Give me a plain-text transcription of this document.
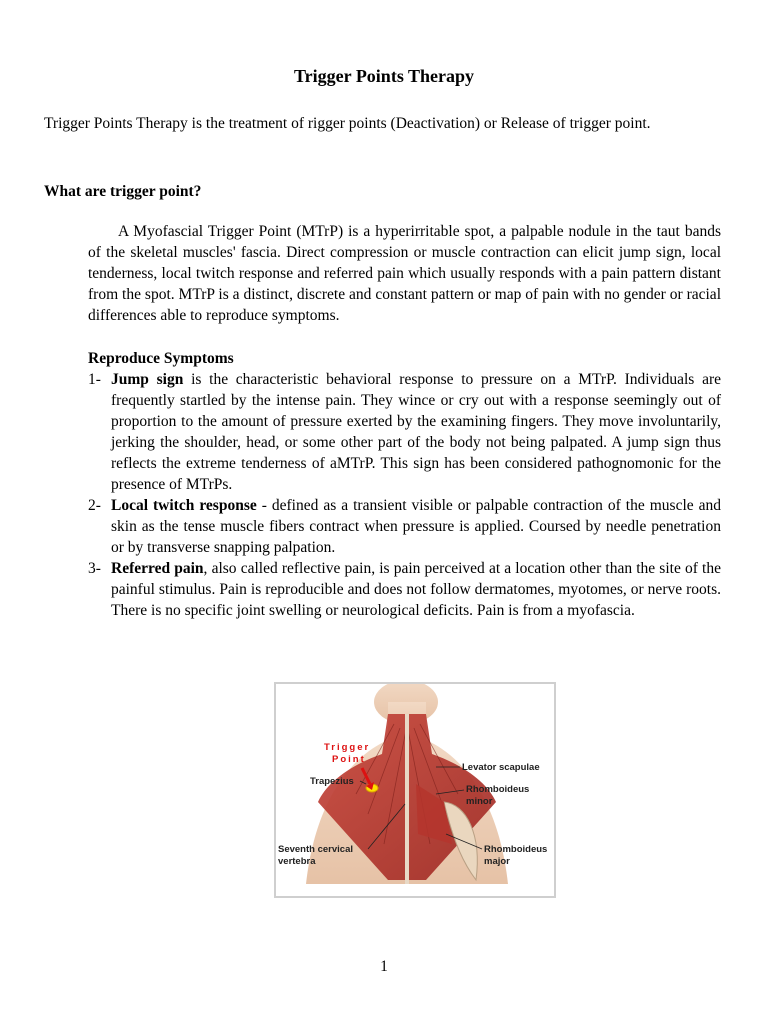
Trigger Points Therapy
Trigger Points Therapy is the treatment of rigger points (Deactivation) or Release of trigger point.
What are trigger point?
A Myofascial Trigger Point (MTrP) is a hyperirritable spot, a palpable nodule in the taut bands of the skeletal muscles' fascia. Direct compression or muscle contraction can elicit jump sign, local tenderness, local twitch response and referred pain which usually responds with a pain pattern distant from the spot. MTrP is a distinct, discrete and constant pattern or map of pain with no gender or racial differences able to reproduce symptoms.
Reproduce Symptoms
1- Jump sign is the characteristic behavioral response to pressure on a MTrP. Individuals are frequently startled by the intense pain. They wince or cry out with a response seemingly out of proportion to the amount of pressure exerted by the examining fingers. They move involuntarily, jerking the shoulder, head, or some other part of the body not being palpated. A jump sign thus reflects the extreme tenderness of aMTrP. This sign has been considered pathognomonic for the presence of MTrPs.
2- Local twitch response - defined as a transient visible or palpable contraction of the muscle and skin as the tense muscle fibers contract when pressure is applied. Coursed by needle penetration or by transverse snapping palpation.
3- Referred pain, also called reflective pain, is pain perceived at a location other than the site of the painful stimulus. Pain is reproducible and does not follow dermatomes, myotomes, or nerve roots. There is no specific joint swelling or neurological deficits. Pain is from a myofascia.
Trigger
Point
Trapezius
Levator scapulae
Rhomboideus
minor
Seventh cervical
vertebra
Rhomboideus
major
1
